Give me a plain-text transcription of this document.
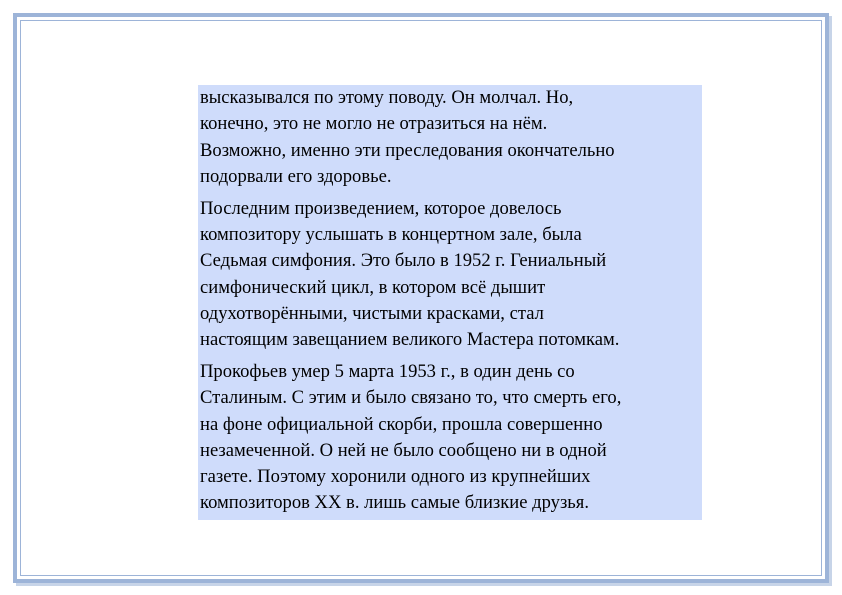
высказывался по этому поводу. Он молчал. Но,
конечно, это не могло не отразиться на нём.
Возможно, именно эти преследования окончательно
подорвали его здоровье.

Последним произведением, которое довелось
композитору услышать в концертном зале, была
Седьмая симфония. Это было в 1952 г. Гениальный
симфонический цикл, в котором всё дышит
одухотворёнными, чистыми красками, стал
настоящим завещанием великого Мастера потомкам.

Прокофьев умер 5 марта 1953 г., в один день со
Сталиным. С этим и было связано то, что смерть его,
на фоне официальной скорби, прошла совершенно
незамеченной. О ней не было сообщено ни в одной
газете. Поэтому хоронили одного из крупнейших
композиторов XX в. лишь самые близкие друзья.
